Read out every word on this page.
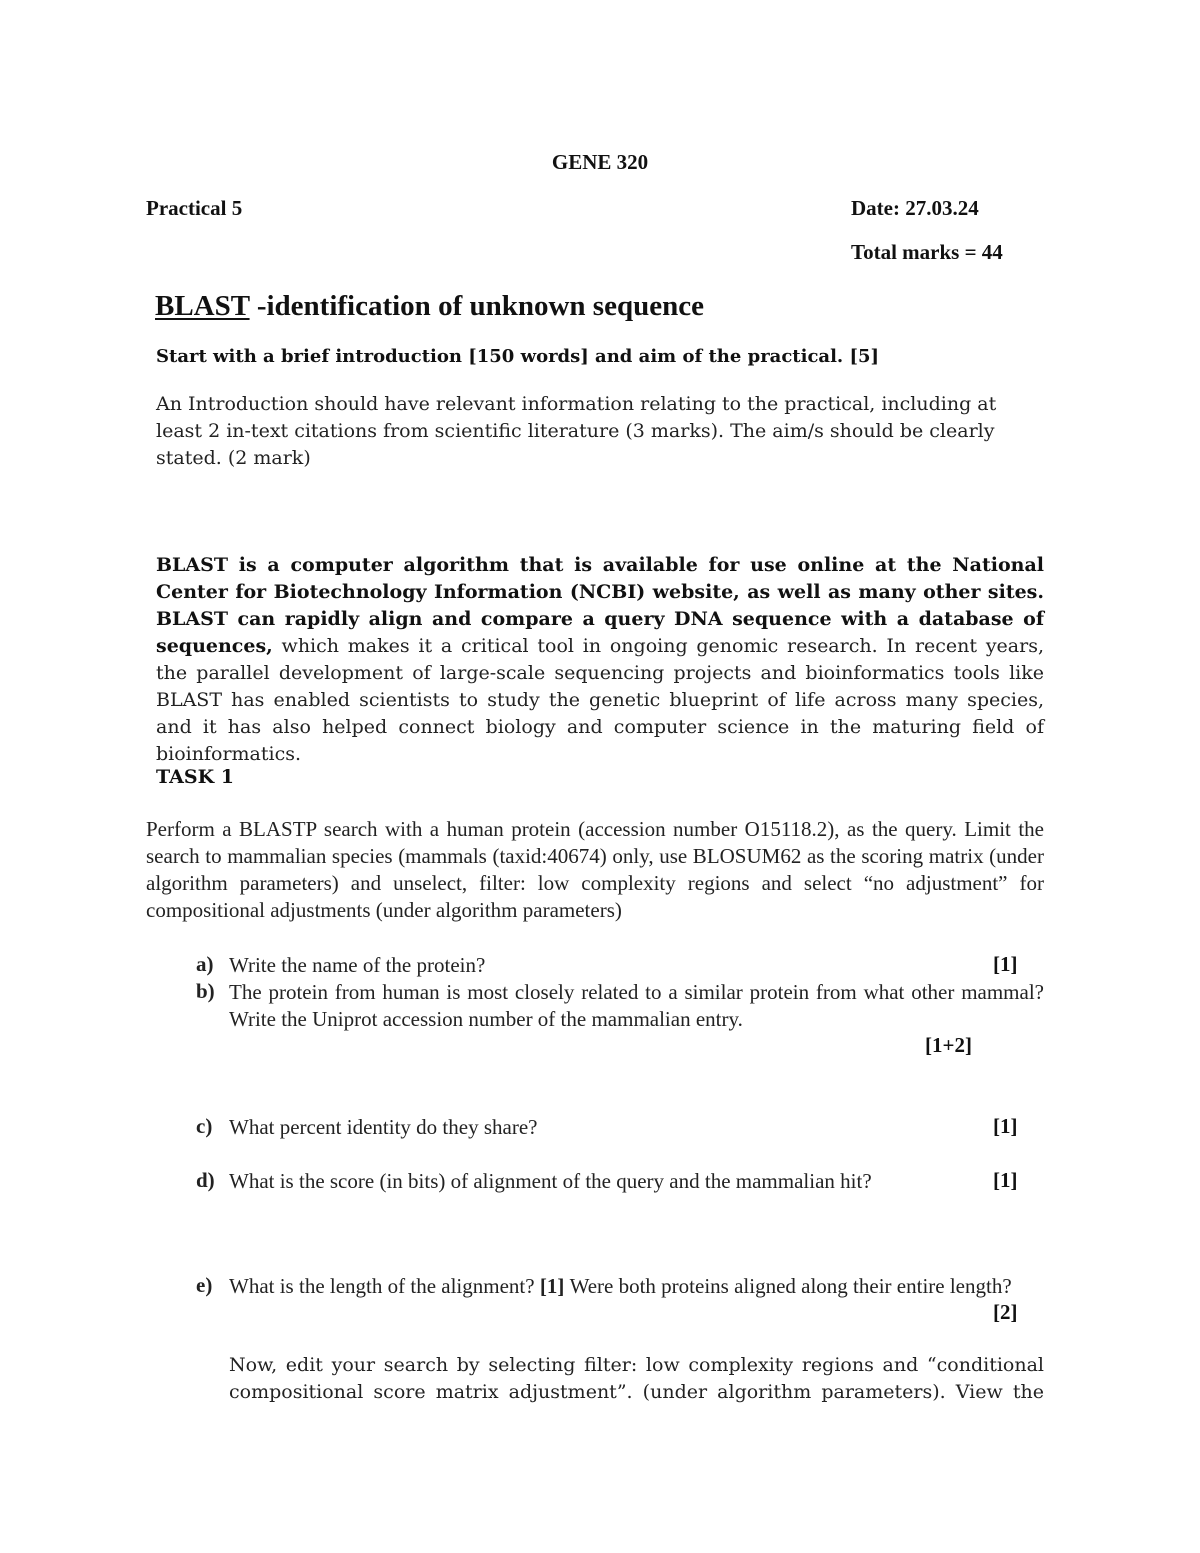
GENE 320
Practical 5	Date: 27.03.24
Total marks = 44
BLAST -identification of unknown sequence
Start with a brief introduction [150 words] and aim of the practical. [5]
An Introduction should have relevant information relating to the practical, including at least 2 in-text citations from scientific literature (3 marks). The aim/s should be clearly stated. (2 mark)
BLAST is a computer algorithm that is available for use online at the National Center for Biotechnology Information (NCBI) website, as well as many other sites. BLAST can rapidly align and compare a query DNA sequence with a database of sequences, which makes it a critical tool in ongoing genomic research. In recent years, the parallel development of large-scale sequencing projects and bioinformatics tools like BLAST has enabled scientists to study the genetic blueprint of life across many species, and it has also helped connect biology and computer science in the maturing field of bioinformatics.
TASK 1
Perform a BLASTP search with a human protein (accession number O15118.2), as the query. Limit the search to mammalian species (mammals (taxid:40674) only, use BLOSUM62 as the scoring matrix (under algorithm parameters) and unselect, filter: low complexity regions and select “no adjustment” for compositional adjustments (under algorithm parameters)
a) Write the name of the protein?	[1]
b) The protein from human is most closely related to a similar protein from what other mammal? Write the Uniprot accession number of the mammalian entry.
[1+2]
c) What percent identity do they share?	[1]
d) What is the score (in bits) of alignment of the query and the mammalian hit?	[1]
e) What is the length of the alignment? [1] Were both proteins aligned along their entire length?
[2]
Now, edit your search by selecting filter: low complexity regions and “conditional compositional score matrix adjustment”. (under algorithm parameters). View the
